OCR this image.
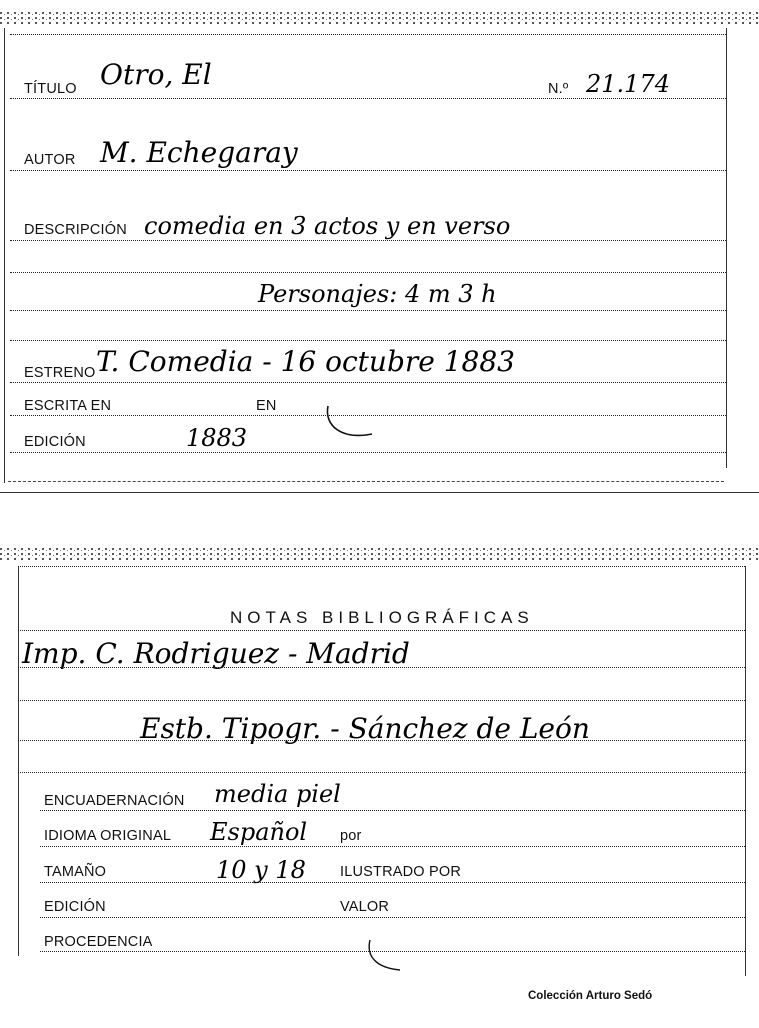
TÍTULO Otro, El	N.º 21.174
AUTOR M. Echegaray
DESCRIPCIÓN comedia en 3 actos y en verso
Personajes: 4 m 3 h
ESTRENO T. Comedia - 16 octubre 1883
ESCRITA EN	EN
EDICIÓN	1883
NOTAS BIBLIOGRÁFICAS
Imp. C. Rodriguez - Madrid
Estb. Tipogr. - Sánchez de León
ENCUADERNACIÓN media piel
IDIOMA ORIGINAL Español por
TAMAÑO	10 y 18 ILUSTRADO POR
EDICIÓN	VALOR
PROCEDENCIA
Colección Arturo Sedó
